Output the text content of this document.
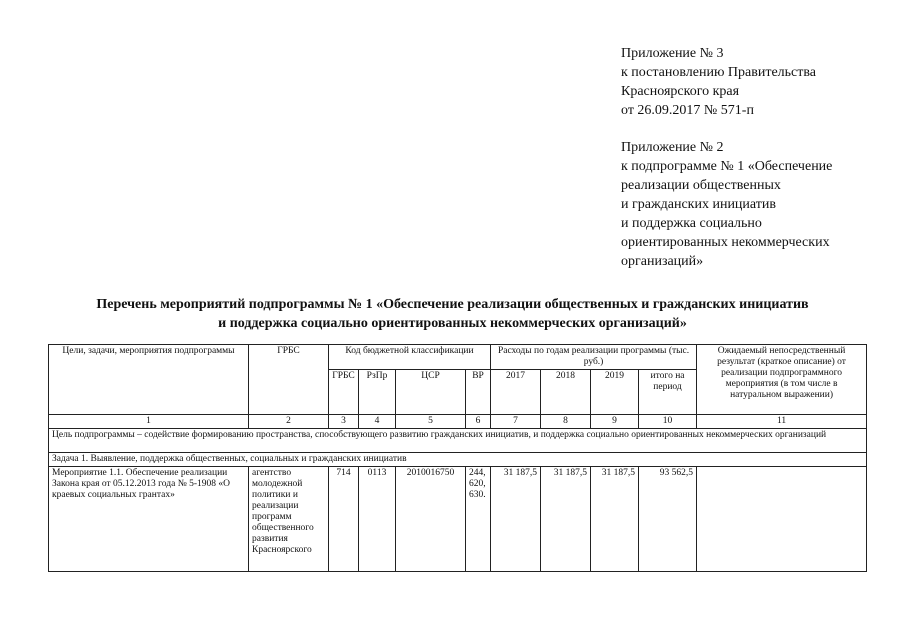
Приложение № 3
к постановлению Правительства
Красноярского края
от 26.09.2017 № 571-п
Приложение № 2
к подпрограмме № 1 «Обеспечение
реализации общественных
и гражданских инициатив
и поддержка социально
ориентированных некоммерческих
организаций»
Перечень мероприятий подпрограммы № 1 «Обеспечение реализации общественных и гражданских инициатив
и поддержка социально ориентированных некоммерческих организаций»
Цели, задачи, мероприятия подпрограммы	ГРБС	Код бюджетной классификации				Расходы по годам реализации программы (тыс. руб.)				Ожидаемый непосредственный результат (краткое описание) от реализации подпрограммного мероприятия (в том числе в натуральном выражении)
		ГРБС	РзПр	ЦСР	ВР	2017	2018	2019	итого на период	
1	2	3	4	5	6	7	8	9	10	11
Цель подпрограммы – содействие формированию пространства, способствующего развитию гражданских инициатив, и поддержка социально ориентированных некоммерческих организаций										
Задача 1. Выявление, поддержка общественных, социальных и гражданских инициатив										
Мероприятие 1.1. Обеспечение реализации Закона края от 05.12.2013 года № 5-1908 «О краевых социальных грантах»	агентство молодежной политики и реализации программ общественного развития Красноярского	714	0113	2010016750	244, 620, 630.	31 187,5	31 187,5	31 187,5	93 562,5	
